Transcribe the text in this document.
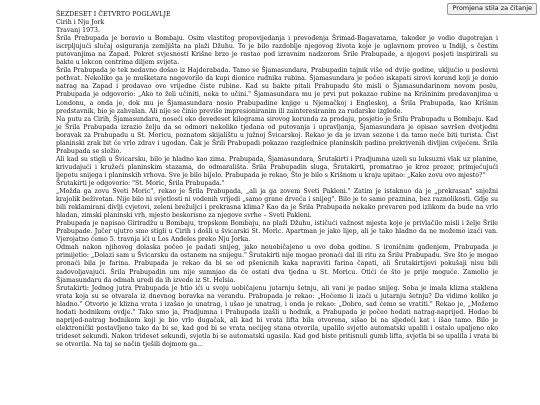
Promjena stila za čitanje
ŠEZDESET I ČETVRTO POGLAVLJE
Cirih i Nju Jork
Travanj 1973.

Šrila Prabupada je boravio u Bombaju. Osim vlastitog propovijedanja i prevođenja Šrimad-Bagavatama, također je vodio dugotrajan i iscrpljujući slučaj osiguranja zemljišta na plaži Džuhu. To je bilo razdoblje njegovog života koje je uglavnom proveo u Indiji, s čestim putovanjima na Zapad. Pokret svjesnosti Krišne brzo je rastao pod izravnim nadzorom Šrile Prabupade, a njegovi posjeti inspirirali su bakte u lokcon centrima diljem svijeta.

Šrila Prabupada je tek nedavno došao iz Hajderabada. Tamo se Šjamasundara, Prabupadin tajnik više od dvije godine, ukljućio u poslovni pothvat. Nekoliko ga je mušketara nagovorilo da kupi dionice rudnika rubina. Šjamasundara je počeo iskapati sirovi korund koji je donio natrag na Zapad i prodavao ove vrijedne čiste rubine. Kad su bakte pitali Prabupadu što misli o Šjamasundarinom novom poslu, Prabupada je odgovorio: „Ako to želi učiniti, neka to učini." Šjamasundara mu je prvi put pokazao rubine na Krišninim predavanjima u Londonu, a onda je, dok mu je Šjamasundara nosio Prabupadine knjige u Njemačkoj i Engleskoj, a Šrila Prabupada, kao Krišnin predstavnik, bio je zahvalan. Ali nije se činio previše impresioniranim ili zainteresiranim za rudarske izglede.

Na putu za Cirih, Šjamasundara, noseći oko devedeset kilograma sirovog korunda za prodaju, posjetio je Šrilu Prabupadu u Bombaju. Kad je Šrila Prabupada izrazio želju da se odmori nekoliko tjedana od putovanja i upravljanja, Šjamasundara je opisao savršen dvotjedni boravak za Prabupadu u St. Moricu, poznatom skijalištu u južnoj Švicarskoj. Rekao je da je izvan sezone i da tamo neće biti turista. Čist planinski zrak bit će vrlo zdrav i ugodan. Čak je Šrili Prabupadi pokazao razglednice planinskih padina prekrivenih divljim cvijećem. Šrila Prabupada se složio.

Ali kad su stigli u Švicarsku, bilo je hladno kao zima. Prabupada, Šjamasundara, Šrutakirti i Pradjumna uzeli su luksuzni vlak uz planine, krivudajući i kružeći planinskim stazama, do odmarališta. Šrila Prabupadin sluga, Šrutakirti, promatrao je kroz prozor, primjećujući ljepotu snijega i planinskih vrhova. Sve je bilo bijelo. Prabupada je rekao, Što je bilo s Krišnom u kraju upitao: „Kako zovu ovo mjesto?"

Šrutakirti je odgovorio: "St. Moric, Šrila Prabupada."

„Možda ga zovu Sveti Moric", rekao je Šrila Prabupada, „ali ja ga zovem Sveti Pakleni." Zatim je istaknuo da je „prekrasan" snježni krajolik beživotan. Nije bilo ni svjetlosti ni vodenih vrijedi „samo grane drveća i snijeg". Bilo je to samo praznina, bez raznolikosti. Gdje su bili reklamirani divlji cvjetovi, zeleni brežuljci i prekrasna klima? Kao da je Šrila Prabupada nekako prevaren pod izlikom da bude na vrlo hladan, zimski planinski vrh, mjesto beskorisno za njegove svrhe – Sveti Pakleni.

Prabupada je napisao Giriradžu u Bombaju, tropskom Bombaju, na plaži Džuhu, ističući važnost mjesta koje je privlačilo misli i želje Šrile Prabupade. Jučer ujutro smo stigli u Cirih i došli u švicarski St. Moric. Apartman je jako lijep, ali je tako hladno da ne možemo izaći van. Vjerojatno ćemo 5. travnja ići u Los Anđeles preko Nju Jorka.

Odmah nakon njihovog dolaska počeo je padati snijeg, jako neuobičajeno u ovo doba godine. S ironičnim gađenjem, Prabupada je primijetio: „Dolazi sam u Švicarsku da ostanem na snijegu." Šrutakirti nije mogao pronaći dal ili ritu za Šrilu Prabupadu. Sve što je mogao pronaći bila je farina. Prabupada je rekao da bi se od pšenicnih kaka napraviti farina čapati, ali Šrutakirtijevi pokušaji nisu bili zadovoljavajući. Šrila Prabupadin um nije sumnjao da će ostati dva tjedna u St. Moricu. Otići će što je prije moguće. Zamolio je Šjamasundaru da odmah uredi da ih izvede iz St. Helsia.

Šrutakirti: Jednog jutra Prabupada je htio ići u svoju uobičajenu jutarnju šetnju, ali vani je padao snijeg. Soba je imala klizna staklena vrata koja su se otvarala iz dnevnog boravka na verandu. Prabupada je rekao: „Hoćemo li izaći u jutarnju šetnju? Da vidimo koliko je hladno." Otvorio je klizna vrata i izašao je unatrag, i ušao je unatrag, i onda je rekao: „Dobro, sad ćemo se vratiti." Rekao je, „Možemo hodati hodnikom ovdje." Tako smo ja, Pradjumna i Prabupada izašli u hodnik, a Prabupada je počeo hodati natrag-naprijed. Hodao bi naprijed-natrag hodnikom koji je bio vrlo dugačak, ali kad bi vrata lifta bila otvorena, sišao bi na sljedeći kat i išao tamo. Bilo je elektronički postavljeno tako da bi se, kad god bi se vrata nećijeg stana otvorila, upalilo svjetlo automatski upalili i ostalo upaljeno oko trideset sekundi. Nakon trideset sekundi, svjetla bi se automatski ugasila. Kad god biste pritisnuli gumb lifta, svjetla bi se upalila i vrata bi se otvorila. Na taj se način tješili dojmom ga...
